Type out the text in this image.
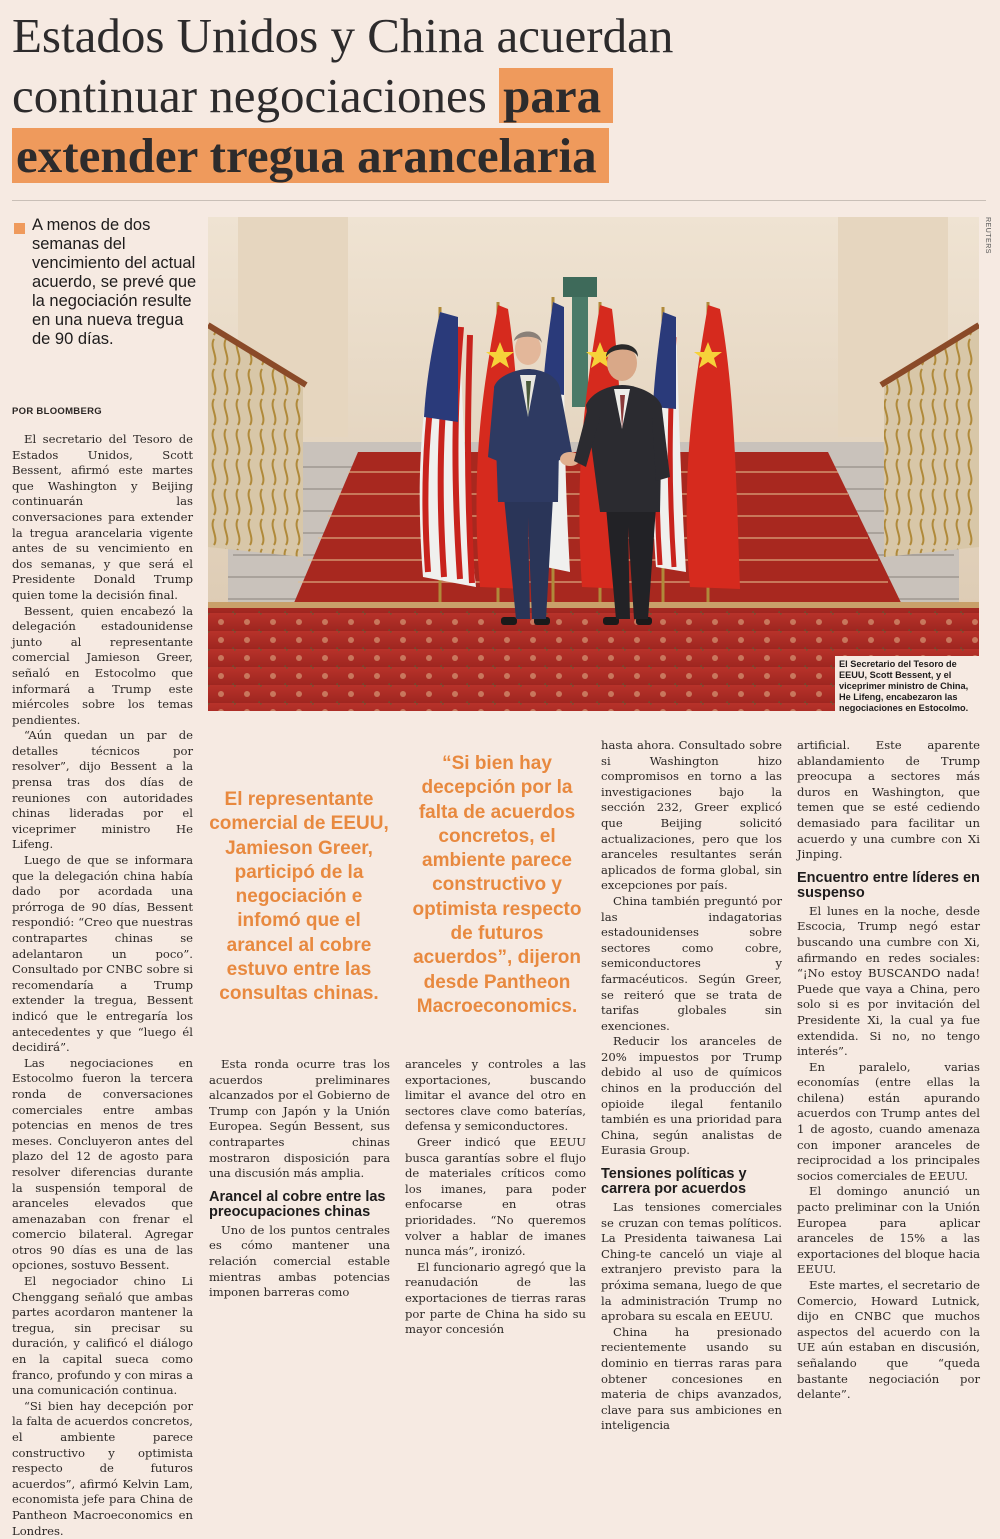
Estados Unidos y China acuerdan
continuar negociaciones para
extender tregua arancelaria
A menos de dos semanas del vencimiento del actual acuerdo, se prevé que la negociación resulte en una nueva tregua de 90 días.
POR BLOOMBERG
REUTERS
El Secretario del Tesoro de EEUU, Scott Bessent, y el viceprimer ministro de China, He Lifeng, encabezaron las negociaciones en Estocolmo.

El secretario del Tesoro de Estados Unidos, Scott Bessent, afirmó este martes que Washington y Beijing continuarán las conversaciones para extender la tregua arancelaria vigente antes de su vencimiento en dos semanas, y que será el Presidente Donald Trump quien tome la decisión final.

Bessent, quien encabezó la delegación estadounidense junto al representante comercial Jamieson Greer, señaló en Estocolmo que informará a Trump este miércoles sobre los temas pendientes.

“Aún quedan un par de detalles técnicos por resolver”, dijo Bessent a la prensa tras dos días de reuniones con autoridades chinas lideradas por el viceprimer ministro He Lifeng.

Luego de que se informara que la delegación china había dado por acordada una prórroga de 90 días, Bessent respondió: “Creo que nuestras contrapartes chinas se adelantaron un poco”. Consultado por CNBC sobre si recomendaría a Trump extender la tregua, Bessent indicó que le entregaría los antecedentes y que “luego él decidirá”.

Las negociaciones en Estocolmo fueron la tercera ronda de conversaciones comerciales entre ambas potencias en menos de tres meses. Concluyeron antes del plazo del 12 de agosto para resolver diferencias durante la suspensión temporal de aranceles elevados que amenazaban con frenar el comercio bilateral. Agregar otros 90 días es una de las opciones, sostuvo Bessent.

El negociador chino Li Chenggang señaló que ambas partes acordaron mantener la tregua, sin precisar su duración, y calificó el diálogo en la capital sueca como franco, profundo y con miras a una comunicación continua.

“Si bien hay decepción por la falta de acuerdos concretos, el ambiente parece constructivo y optimista respecto de futuros acuerdos”, afirmó Kelvin Lam, economista jefe para China de Pantheon Macroeconomics en Londres.

El representante comercial de EEUU, Jamieson Greer, participó de la negociación e infomó que el arancel al cobre estuvo entre las consultas chinas.
“Si bien hay decepción por la falta de acuerdos concretos, el ambiente parece constructivo y optimista respecto de futuros acuerdos”, dijeron desde Pantheon Macroeconomics.

Esta ronda ocurre tras los acuerdos preliminares alcanzados por el Gobierno de Trump con Japón y la Unión Europea. Según Bessent, sus contrapartes chinas mostraron disposición para una discusión más amplia.

Arancel al cobre entre las preocupaciones chinas

Uno de los puntos centrales es cómo mantener una relación comercial estable mientras ambas potencias imponen barreras como

aranceles y controles a las exportaciones, buscando limitar el avance del otro en sectores clave como baterías, defensa y semiconductores.

Greer indicó que EEUU busca garantías sobre el flujo de materiales críticos como los imanes, para poder enfocarse en otras prioridades. “No queremos volver a hablar de imanes nunca más”, ironizó.

El funcionario agregó que la reanudación de las exportaciones de tierras raras por parte de China ha sido su mayor concesión

hasta ahora. Consultado sobre si Washington hizo compromisos en torno a las investigaciones bajo la sección 232, Greer explicó que Beijing solicitó actualizaciones, pero que los aranceles resultantes serán aplicados de forma global, sin excepciones por país.

China también preguntó por las indagatorias estadounidenses sobre sectores como cobre, semiconductores y farmacéuticos. Según Greer, se reiteró que se trata de tarifas globales sin exenciones.

Reducir los aranceles de 20% impuestos por Trump debido al uso de químicos chinos en la producción del opioide ilegal fentanilo también es una prioridad para China, según analistas de Eurasia Group.

Tensiones políticas y carrera por acuerdos

Las tensiones comerciales se cruzan con temas políticos. La Presidenta taiwanesa Lai Ching-te canceló un viaje al extranjero previsto para la próxima semana, luego de que la administración Trump no aprobara su escala en EEUU.

China ha presionado recientemente usando su dominio en tierras raras para obtener concesiones en materia de chips avanzados, clave para sus ambiciones en inteligencia

artificial. Este aparente ablandamiento de Trump preocupa a sectores más duros en Washington, que temen que se esté cediendo demasiado para facilitar un acuerdo y una cumbre con Xi Jinping.

Encuentro entre líderes en suspenso

El lunes en la noche, desde Escocia, Trump negó estar buscando una cumbre con Xi, afirmando en redes sociales: “¡No estoy BUSCANDO nada! Puede que vaya a China, pero solo si es por invitación del Presidente Xi, la cual ya fue extendida. Si no, no tengo interés”.

En paralelo, varias economías (entre ellas la chilena) están apurando acuerdos con Trump antes del 1 de agosto, cuando amenaza con imponer aranceles de reciprocidad a los principales socios comerciales de EEUU.

El domingo anunció un pacto preliminar con la Unión Europea para aplicar aranceles de 15% a las exportaciones del bloque hacia EEUU.

Este martes, el secretario de Comercio, Howard Lutnick, dijo en CNBC que muchos aspectos del acuerdo con la UE aún estaban en discusión, señalando que “queda bastante negociación por delante”.
